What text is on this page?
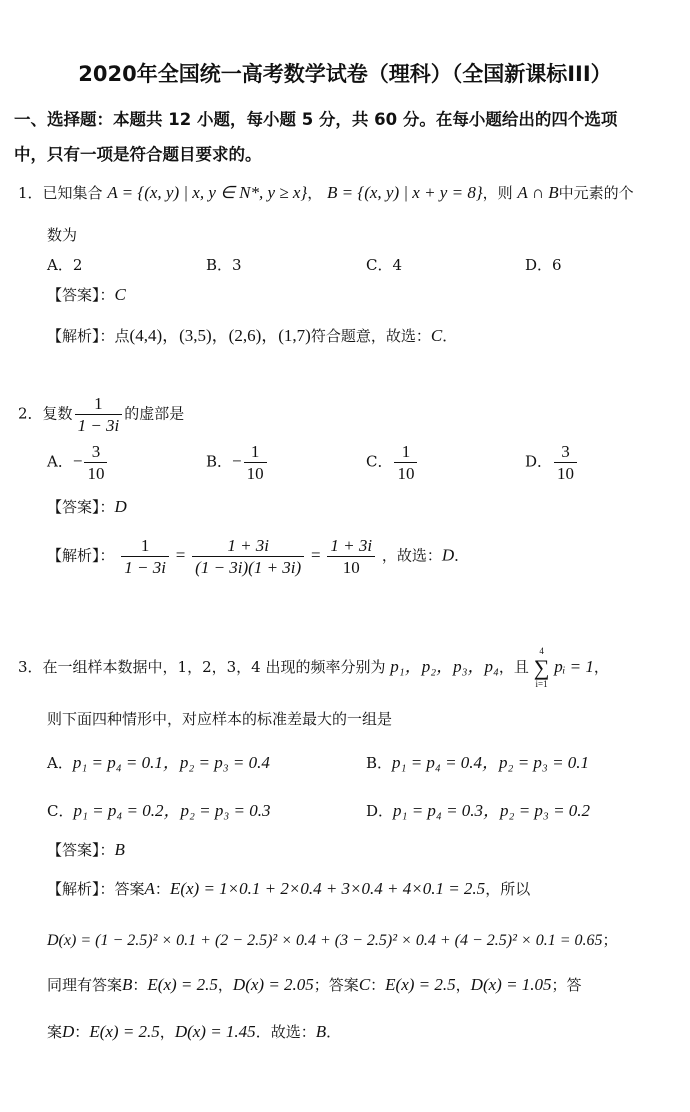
2020年全国统一高考数学试卷（理科）（全国新课标III）
一、选择题：本题共 12 小题，每小题 5 分，共 60 分。在每小题给出的四个选项
中，只有一项是符合题目要求的。
1．已知集合 A = {(x, y) | x, y ∈ N*, y ≥ x}， B = {(x, y) | x + y = 8}，则 A ∩ B中元素的个
数为
A．2	B．3	C．4	D．6
【答案】：C
【解析】：点(4,4)，(3,5)，(2,6)，(1,7)符合题意，故选：C．
2．复数 $\frac{1}{1 - 3i}$ 的虚部是
A．− $\frac{3}{10}$	B．− $\frac{1}{10}$	C． $\frac{1}{10}$	D． $\frac{3}{10}$
【答案】：D
【解析】： $\frac{1}{1 - 3i} = \frac{1 + 3i}{(1 - 3i)(1 + 3i)} = \frac{1 + 3i}{10}$ ，故选：D．
3．在一组样本数据中，1，2，3，4 出现的频率分别为 p₁，p₂，p₃，p₄，且
4
∑
i=1
pᵢ = 1，
则下面四种情形中，对应样本的标准差最大的一组是
A．p₁ = p₄ = 0.1，p₂ = p₃ = 0.4	B．p₁ = p₄ = 0.4，p₂ = p₃ = 0.1
C．p₁ = p₄ = 0.2，p₂ = p₃ = 0.3	D．p₁ = p₄ = 0.3，p₂ = p₃ = 0.2
【答案】：B
【解析】：答案A：E(x) = 1×0.1 + 2×0.4 + 3×0.4 + 4×0.1 = 2.5，所以
D(x) = (1 − 2.5)² × 0.1 + (2 − 2.5)² × 0.4 + (3 − 2.5)² × 0.4 + (4 − 2.5)² × 0.1 = 0.65；
同理有答案B：E(x) = 2.5，D(x) = 2.05；答案C：E(x) = 2.5，D(x) = 1.05；答
案D：E(x) = 2.5，D(x) = 1.45．故选：B．
